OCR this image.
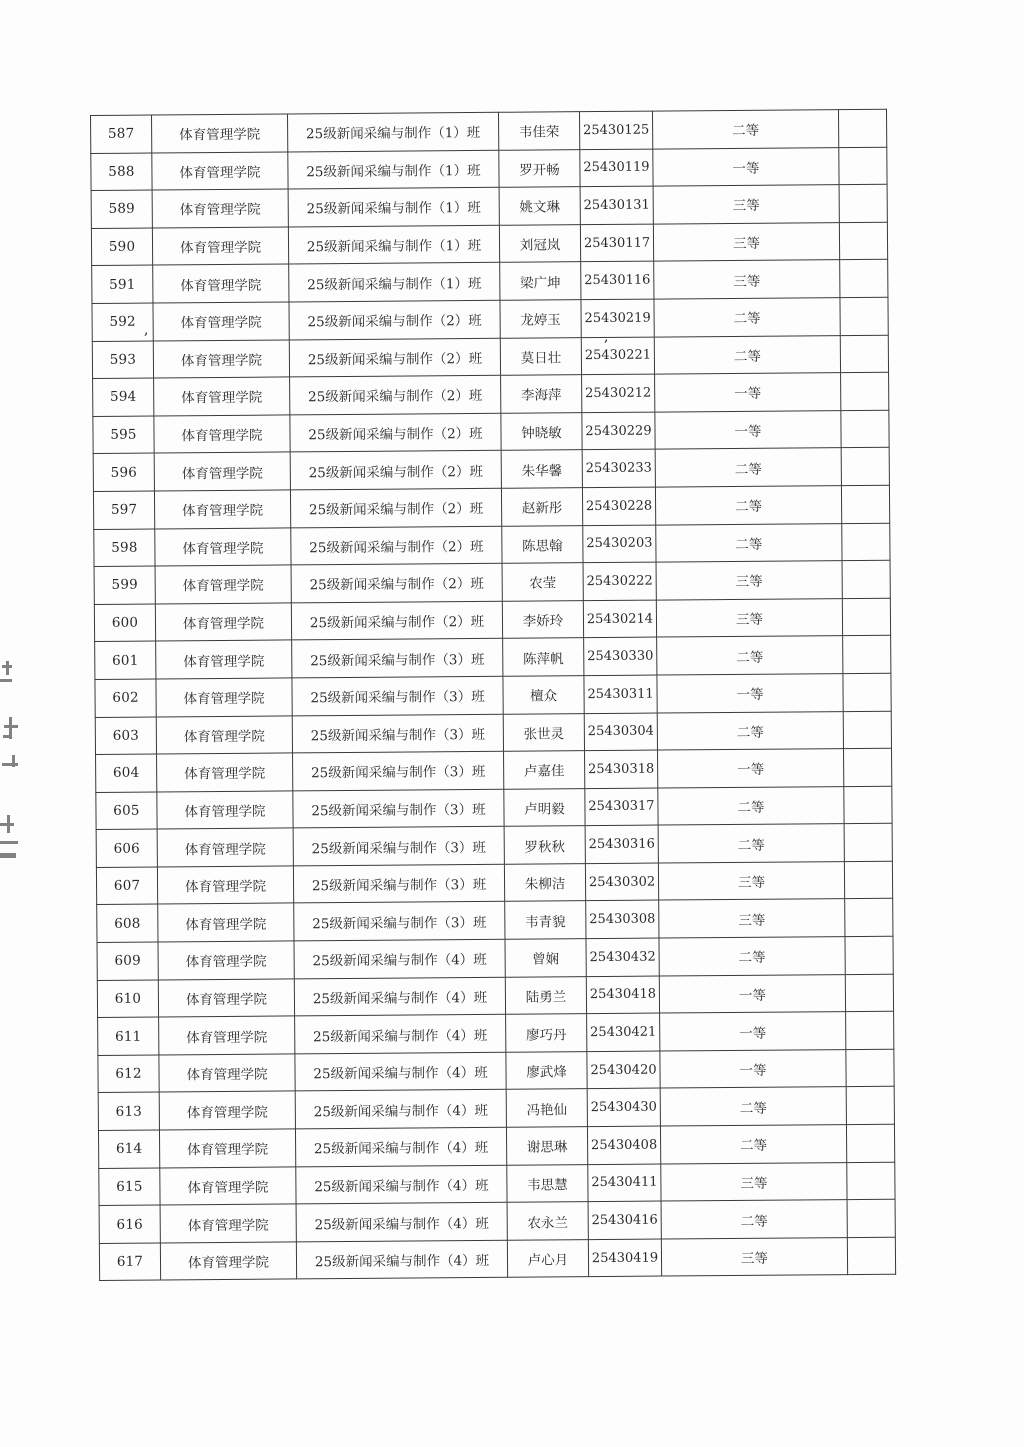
587	体育管理学院	25级新闻采编与制作（1）班	韦佳荣	25430125	二等	
588	体育管理学院	25级新闻采编与制作（1）班	罗开畅	25430119	一等	
589	体育管理学院	25级新闻采编与制作（1）班	姚文琳	25430131	三等	
590	体育管理学院	25级新闻采编与制作（1）班	刘冠岚	25430117	三等	
591	体育管理学院	25级新闻采编与制作（1）班	梁广坤	25430116	三等	
592	体育管理学院	25级新闻采编与制作（2）班	龙婷玉	25430219	二等	
593	体育管理学院	25级新闻采编与制作（2）班	莫日壮	25430221	二等	
594	体育管理学院	25级新闻采编与制作（2）班	李海萍	25430212	一等	
595	体育管理学院	25级新闻采编与制作（2）班	钟晓敏	25430229	一等	
596	体育管理学院	25级新闻采编与制作（2）班	朱华馨	25430233	二等	
597	体育管理学院	25级新闻采编与制作（2）班	赵新彤	25430228	二等	
598	体育管理学院	25级新闻采编与制作（2）班	陈思翰	25430203	二等	
599	体育管理学院	25级新闻采编与制作（2）班	农莹	25430222	三等	
600	体育管理学院	25级新闻采编与制作（2）班	李娇玲	25430214	三等	
601	体育管理学院	25级新闻采编与制作（3）班	陈萍帆	25430330	二等	
602	体育管理学院	25级新闻采编与制作（3）班	檀众	25430311	一等	
603	体育管理学院	25级新闻采编与制作（3）班	张世灵	25430304	二等	
604	体育管理学院	25级新闻采编与制作（3）班	卢嘉佳	25430318	一等	
605	体育管理学院	25级新闻采编与制作（3）班	卢明毅	25430317	二等	
606	体育管理学院	25级新闻采编与制作（3）班	罗秋秋	25430316	二等	
607	体育管理学院	25级新闻采编与制作（3）班	朱柳洁	25430302	三等	
608	体育管理学院	25级新闻采编与制作（3）班	韦青貌	25430308	三等	
609	体育管理学院	25级新闻采编与制作（4）班	曾娴	25430432	二等	
610	体育管理学院	25级新闻采编与制作（4）班	陆勇兰	25430418	一等	
611	体育管理学院	25级新闻采编与制作（4）班	廖巧丹	25430421	一等	
612	体育管理学院	25级新闻采编与制作（4）班	廖武烽	25430420	一等	
613	体育管理学院	25级新闻采编与制作（4）班	冯艳仙	25430430	二等	
614	体育管理学院	25级新闻采编与制作（4）班	谢思琳	25430408	二等	
615	体育管理学院	25级新闻采编与制作（4）班	韦思慧	25430411	三等	
616	体育管理学院	25级新闻采编与制作（4）班	农永兰	25430416	二等	
617	体育管理学院	25级新闻采编与制作（4）班	卢心月	25430419	三等	
,	,
